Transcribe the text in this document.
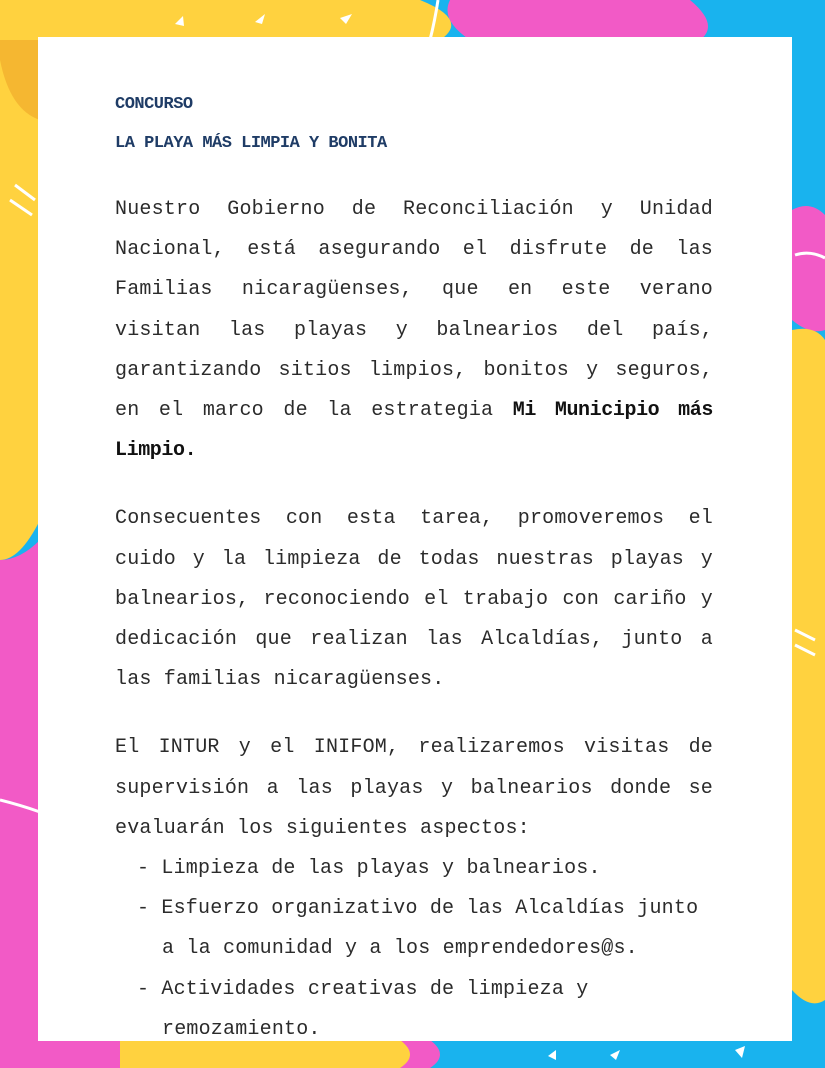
CONCURSO

LA PLAYA MÁS LIMPIA Y BONITA

Nuestro Gobierno de Reconciliación y Unidad Nacional, está asegurando el disfrute de las Familias nicaragüenses, que en este verano visitan las playas y balnearios del país, garantizando sitios limpios, bonitos y seguros, en el marco de la estrategia Mi Municipio más Limpio.

Consecuentes con esta tarea, promoveremos el cuido y la limpieza de todas nuestras playas y balnearios, reconociendo el trabajo con cariño y dedicación que realizan las Alcaldías, junto a las familias nicaragüenses.

El INTUR y el INIFOM, realizaremos visitas de supervisión a las playas y balnearios donde se evaluarán los siguientes aspectos:

- Limpieza de las playas y balnearios.
- Esfuerzo organizativo de las Alcaldías junto a la comunidad y a los emprendedores@s.
- Actividades creativas de limpieza y remozamiento.
